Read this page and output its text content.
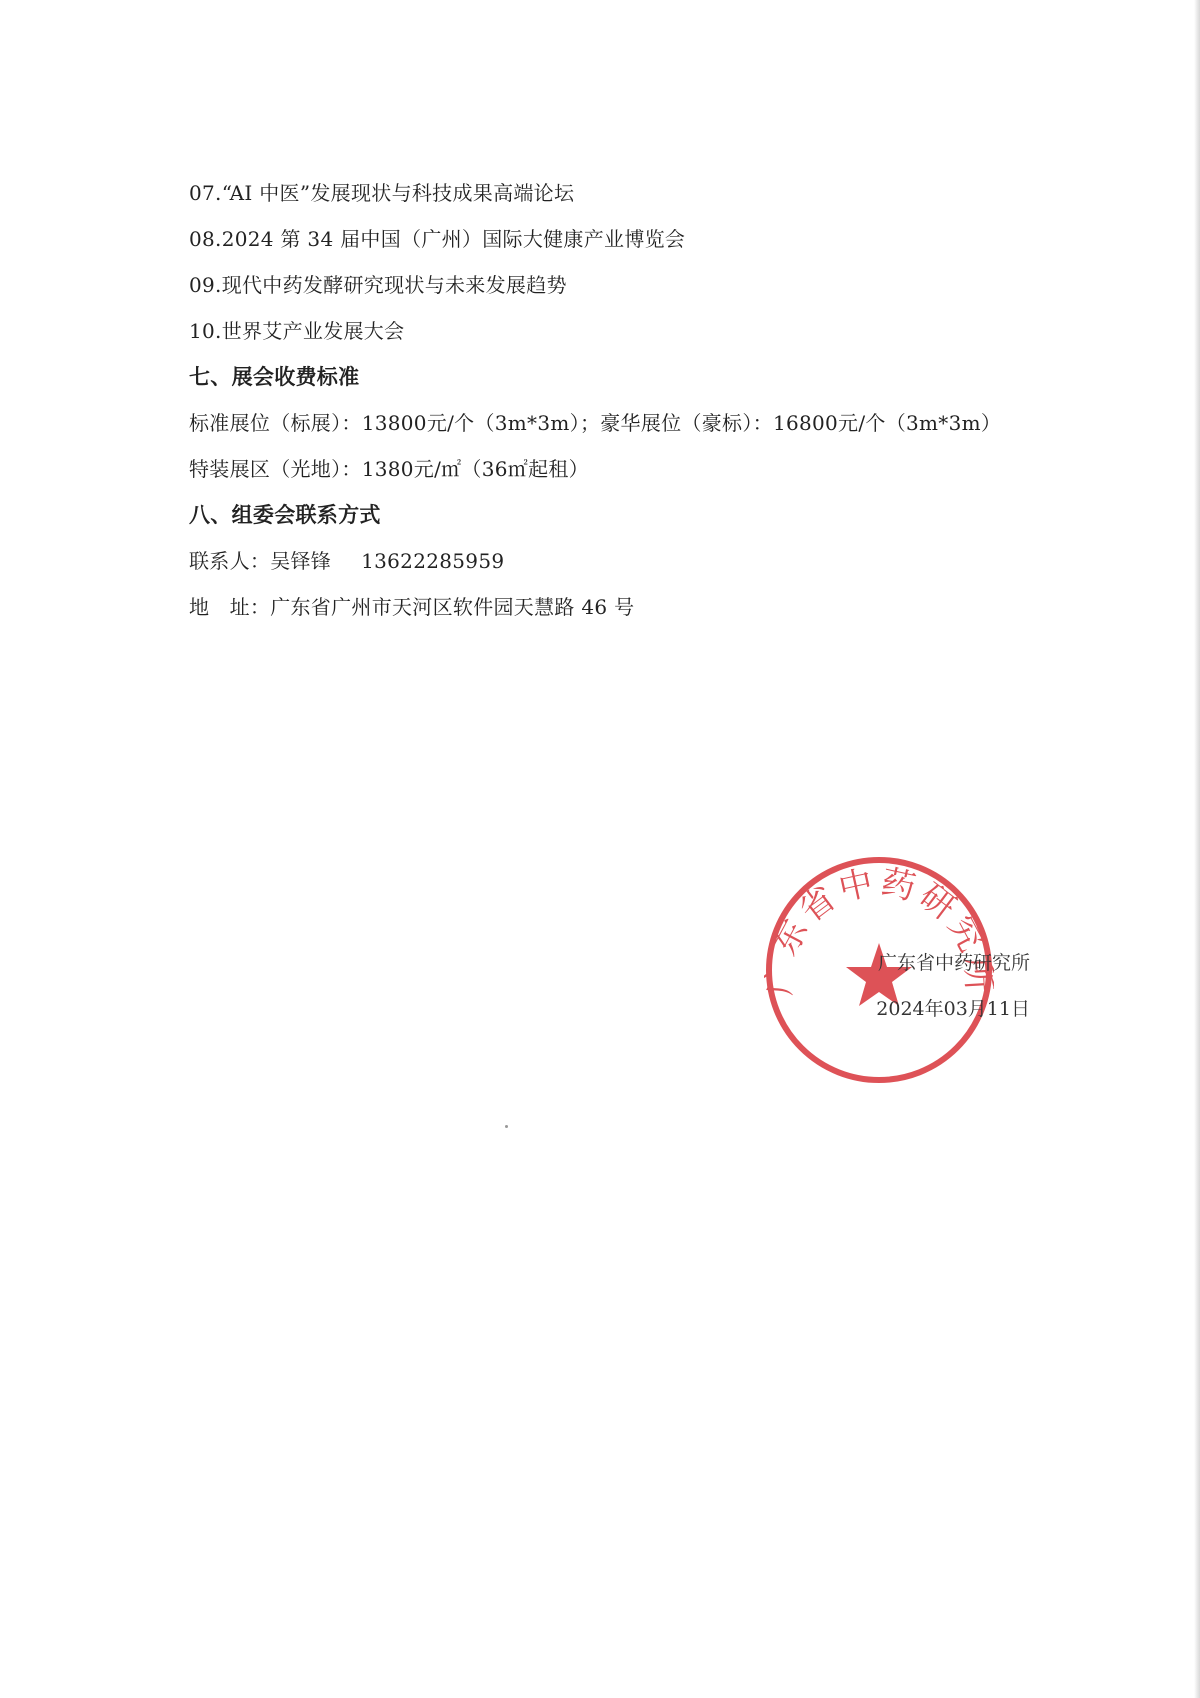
07.“AI 中医”发展现状与科技成果高端论坛
08.2024 第 34 届中国（广州）国际大健康产业博览会
09.现代中药发酵研究现状与未来发展趋势
10.世界艾产业发展大会
七、展会收费标准
标准展位（标展）：13800元/个（3m*3m）；豪华展位（豪标）：16800元/个（3m*3m）
特装展区（光地）：1380元/㎡（36㎡起租）
八、组委会联系方式
联系人：吴铎锋 13622285959
地　址：广东省广州市天河区软件园天慧路 46 号
东省中药研究
广东省中药研究所
2024年03月11日
